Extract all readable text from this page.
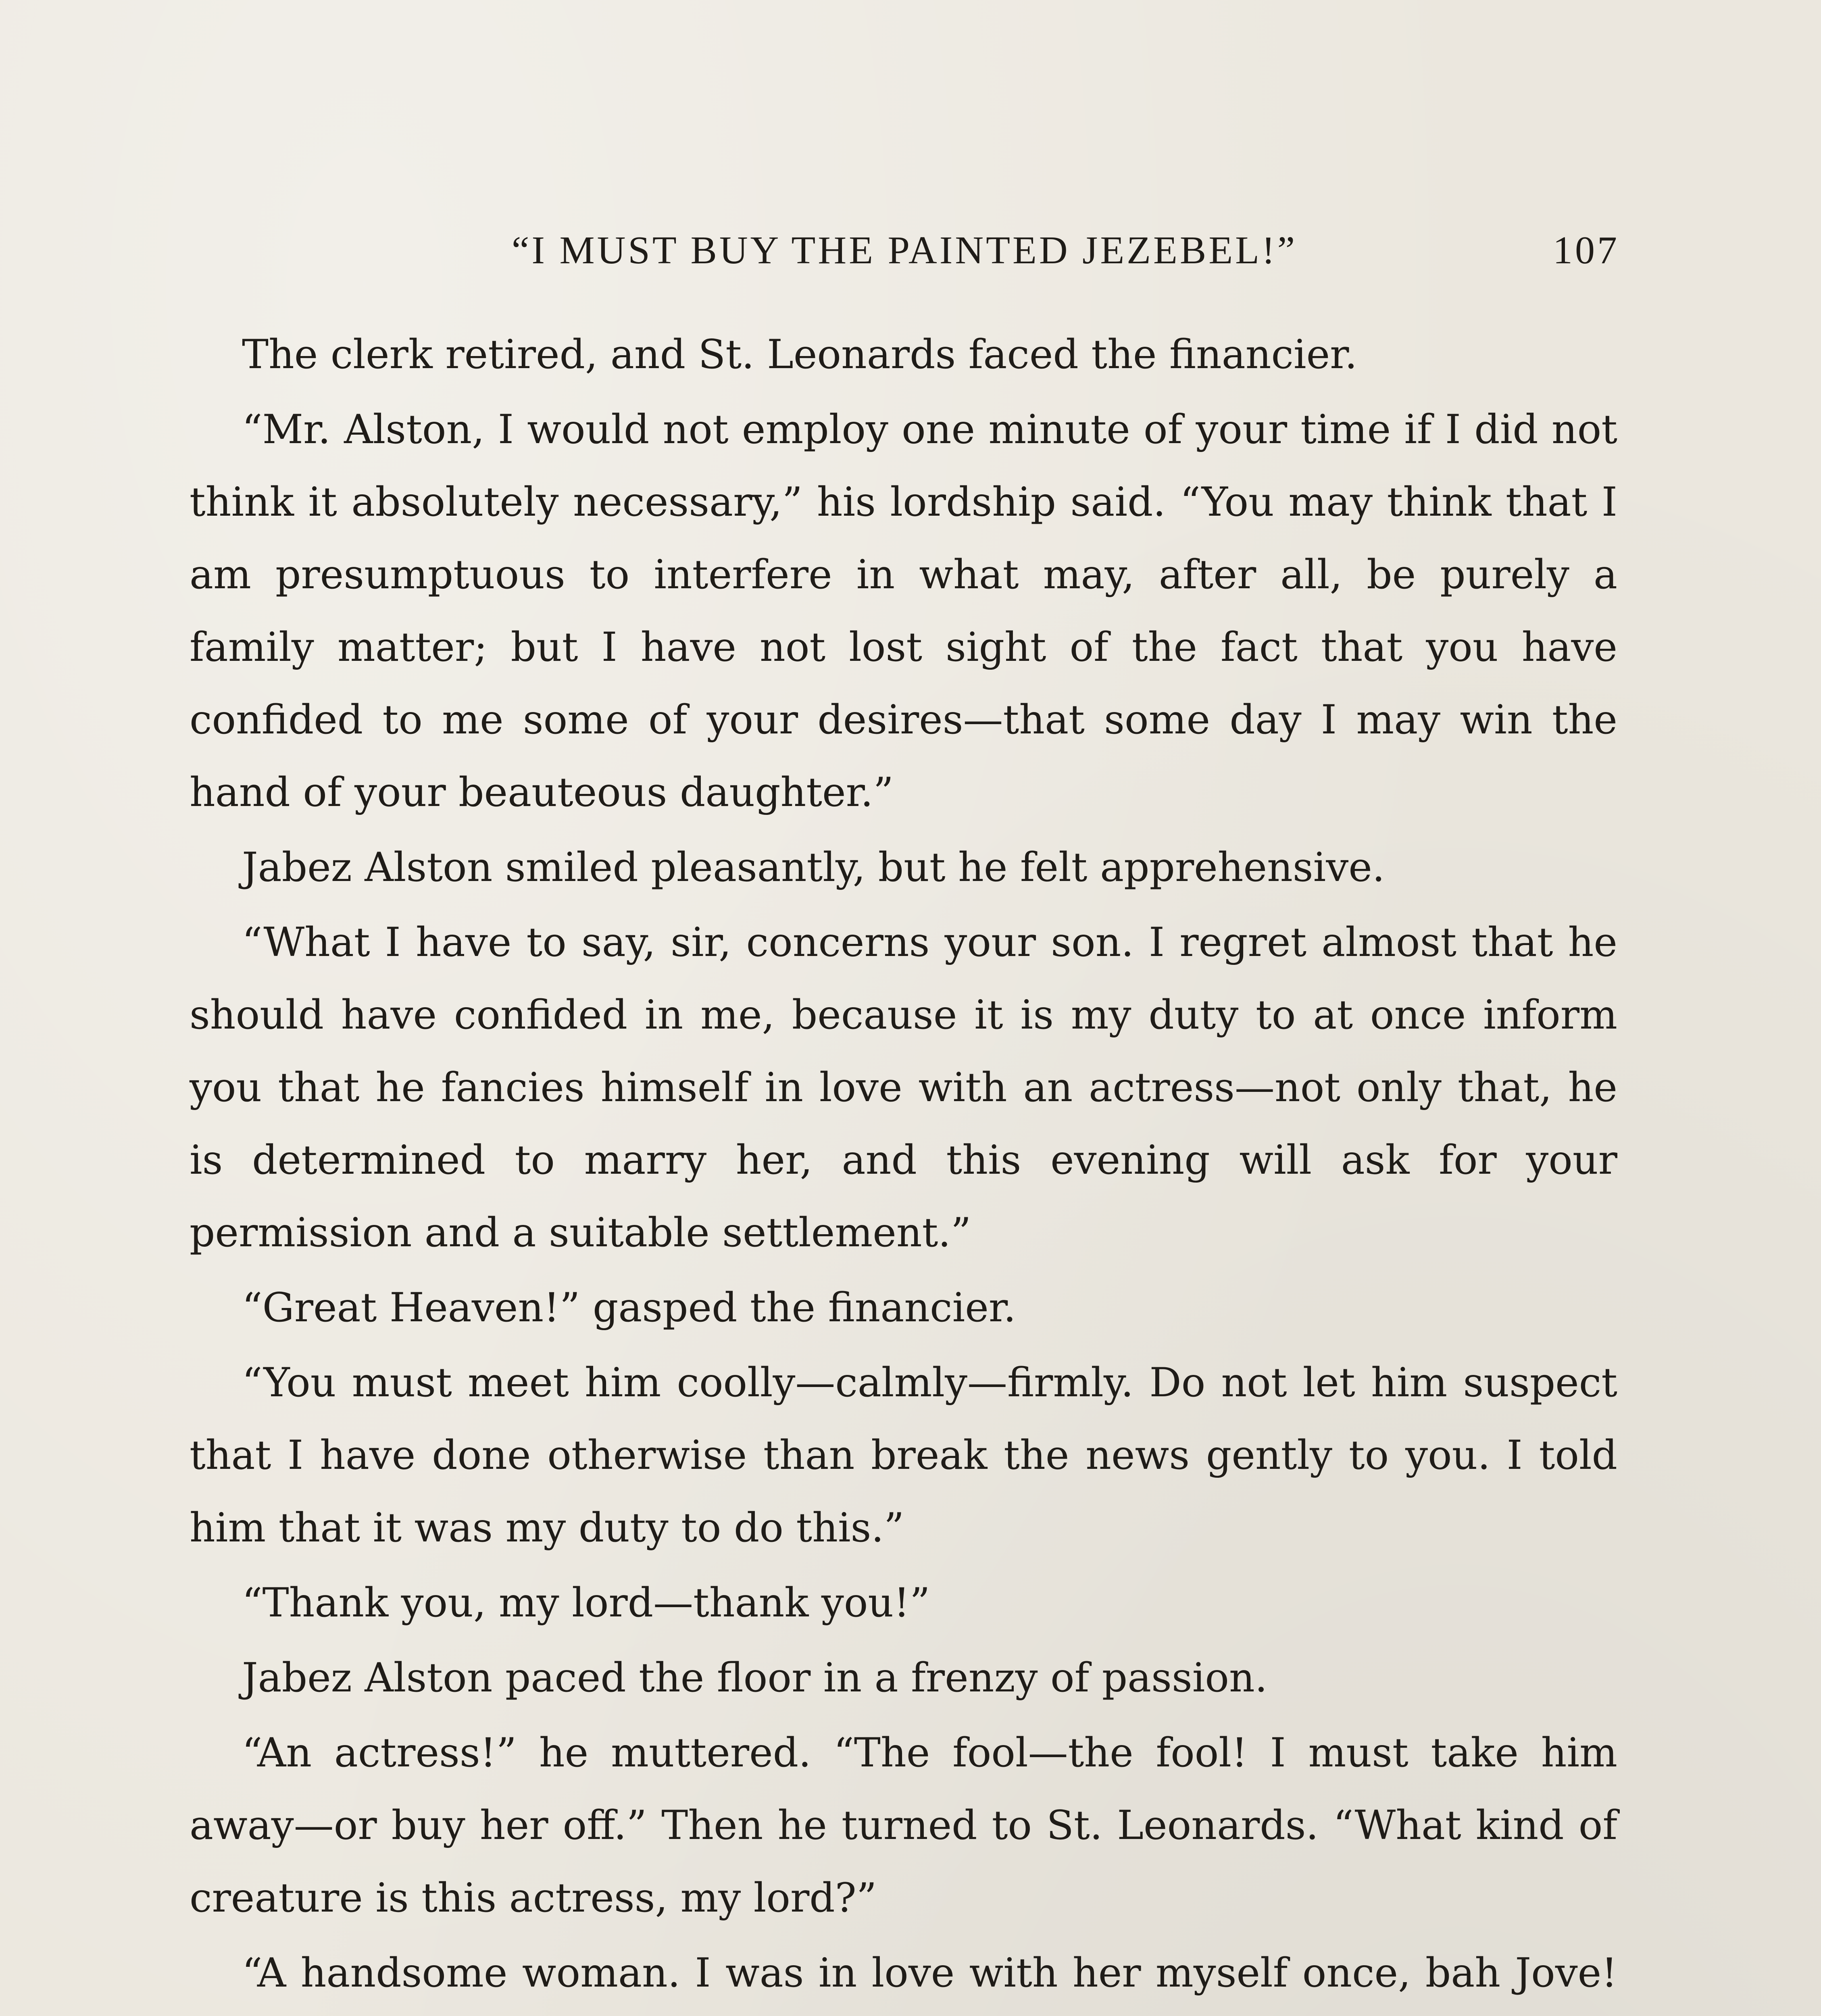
“I MUST BUY THE PAINTED JEZEBEL!”	107

The clerk retired, and St. Leonards faced the financier.

“Mr. Alston, I would not employ one minute of your time if I did not think it absolutely necessary,” his lordship said. “You may think that I am presumptuous to interfere in what may, after all, be purely a family matter; but I have not lost sight of the fact that you have confided to me some of your desires—that some day I may win the hand of your beauteous daughter.”

Jabez Alston smiled pleasantly, but he felt apprehensive.

“What I have to say, sir, concerns your son. I regret almost that he should have confided in me, because it is my duty to at once inform you that he fancies himself in love with an actress—not only that, he is determined to marry her, and this evening will ask for your permission and a suitable settlement.”

“Great Heaven!” gasped the financier.

“You must meet him coolly—calmly—firmly. Do not let him suspect that I have done otherwise than break the news gently to you. I told him that it was my duty to do this.”

“Thank you, my lord—thank you!”

Jabez Alston paced the floor in a frenzy of passion.

“An actress!” he muttered. “The fool—the fool! I must take him away—or buy her off.” Then he turned to St. Leonards. “What kind of creature is this actress, my lord?”

“A handsome woman. I was in love with her myself once, bah Jove!
